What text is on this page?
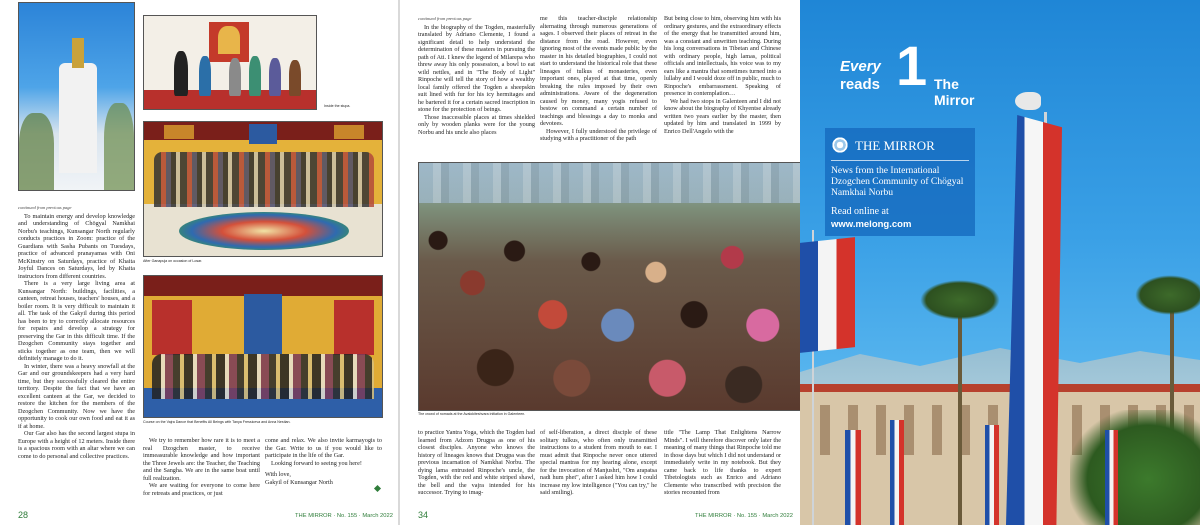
Inside the stupa.
After Ganapuja on occasion of Losar.
Course on the Vajra Dance that Benefits All Beings with Tanya Fressiceva and Anna Nestian.
continued from previous page

To maintain energy and develop knowledge and understanding of Chögyal Namkhai Norbu's teachings, Kunsangar North regularly conducts practices in Zoom: practice of the Guardians with Sasha Pubants on Tuesdays, practice of advanced pranayamas with Oni McKinstry on Saturdays, practice of Khaita Joyful Dances on Saturdays, led by Khaita instructors from different countries.

There is a very large living area at Kunsangar North: buildings, facilities, a canteen, retreat houses, teachers' houses, and a boiler room. It is very difficult to maintain it all. The task of the Gakyil during this period has been to try to correctly allocate resources for repairs and develop a strategy for preserving the Gar in this difficult time. If the Dzogchen Community stays together and sticks together as one team, then we will definitely manage to do it.

In winter, there was a heavy snowfall at the Gar and our groundskeepers had a very hard time, but they successfully cleared the entire territory. Despite the fact that we have an excellent canteen at the Gar, we decided to restore the kitchen for the members of the Dzogchen Community. Now we have the opportunity to cook our own food and eat it as if at home.

Our Gar also has the second largest stupa in Europe with a height of 12 meters. Inside there is a spacious room with an altar where we can come to do personal and collective practices.

We try to remember how rare it is to meet a real Dzogchen master, to receive immeasurable knowledge and how important the Three Jewels are: the Teacher, the Teaching and the Sangha. We are in the same boat until full realization.

We are waiting for everyone to come here for retreats and practices, or just

come and relax. We also invite karmayogis to the Gar. Write to us if you would like to participate in the life of the Gar.

Looking forward to seeing you here!

With love,

Gakyil of Kunsangar North

28	THE MIRROR · No. 155 · March 2022
continued from previous page

In the biography of the Togden, masterfully translated by Adriano Clemente, I found a significant detail to help understand the determination of these masters in pursuing the path of Ati. I knew the legend of Milarepa who threw away his only possession, a bowl to eat wild nettles, and in "The Body of Light" Rinpoche will tell the story of how a wealthy local family offered the Togden a sheepskin suit lined with fur for his icy hermitages and he bartered it for a certain sacred inscription in stone for the protection of beings.

Those inaccessible places at times shielded only by wooden planks were for the young Norbu and his uncle also places

me this teacher-disciple relationship alternating through numerous generations of sages. I observed their places of retreat in the distance from the road. However, even ignoring most of the events made public by the master in his detailed biographies, I could not start to understand the historical role that these lineages of tulkus of monasteries, even important ones, played at that time, openly breaking the rules imposed by their own administrations. Aware of the degeneration caused by money, many yogis refused to bestow on command a certain number of teachings and blessings a day to monks and devotees.

However, I fully understood the privilege of studying with a practitioner of the path

But being close to him, observing him with his ordinary gestures, and the extraordinary effects of the energy that he transmitted around him, was a constant and unwritten teaching. During his long conversations in Tibetan and Chinese with ordinary people, high lamas, political officials and intellectuals, his voice was to my ears like a mantra that sometimes turned into a lullaby and I would doze off in public, much to Rinpoche's embarrassment. Speaking of presence in contemplation…

We had two stops in Galenteen and I did not know about the biography of Khyentse already written two years earlier by the master, then updated by him and translated in 1999 by Enrico Dell'Angelo with the

The crowd of nomads at the Avalokiteshvara initiation in Galenteen.

to practice Yantra Yoga, which the Togden had learned from Adzom Drugpa as one of his closest disciples. Anyone who knows the history of lineages knows that Drugpa was the previous incarnation of Namkhai Norbu. The dying lama entrusted Rinpoche's uncle, the Togden, with the red and white striped shawl, the bell and the vajra intended for his successor. Trying to imag-

of self-liberation, a direct disciple of these solitary tulkus, who often only transmitted instructions to a student from mouth to ear. I must admit that Rinpoche never once uttered special mantras for my hearing alone, except for the invocation of Manjushri, "Om arapatsa nadi hum phet", after I asked him how I could increase my low intelligence ("You can try," he said smiling).

title "The Lamp That Enlightens Narrow Minds". I will therefore discover only later the meaning of many things that Rinpoche told me in those days but which I did not understand or immediately write in my notebook. But they came back to life thanks to expert Tibetologists such as Enrico and Adriano Clemente who transcribed with precision the stories recounted from

34	THE MIRROR · No. 155 · March 2022
Every 1
reads	The
Mirror
THE MIRROR
News from the International Dzogchen Community of Chögyal Namkhai Norbu
Read online at
www.melong.com
